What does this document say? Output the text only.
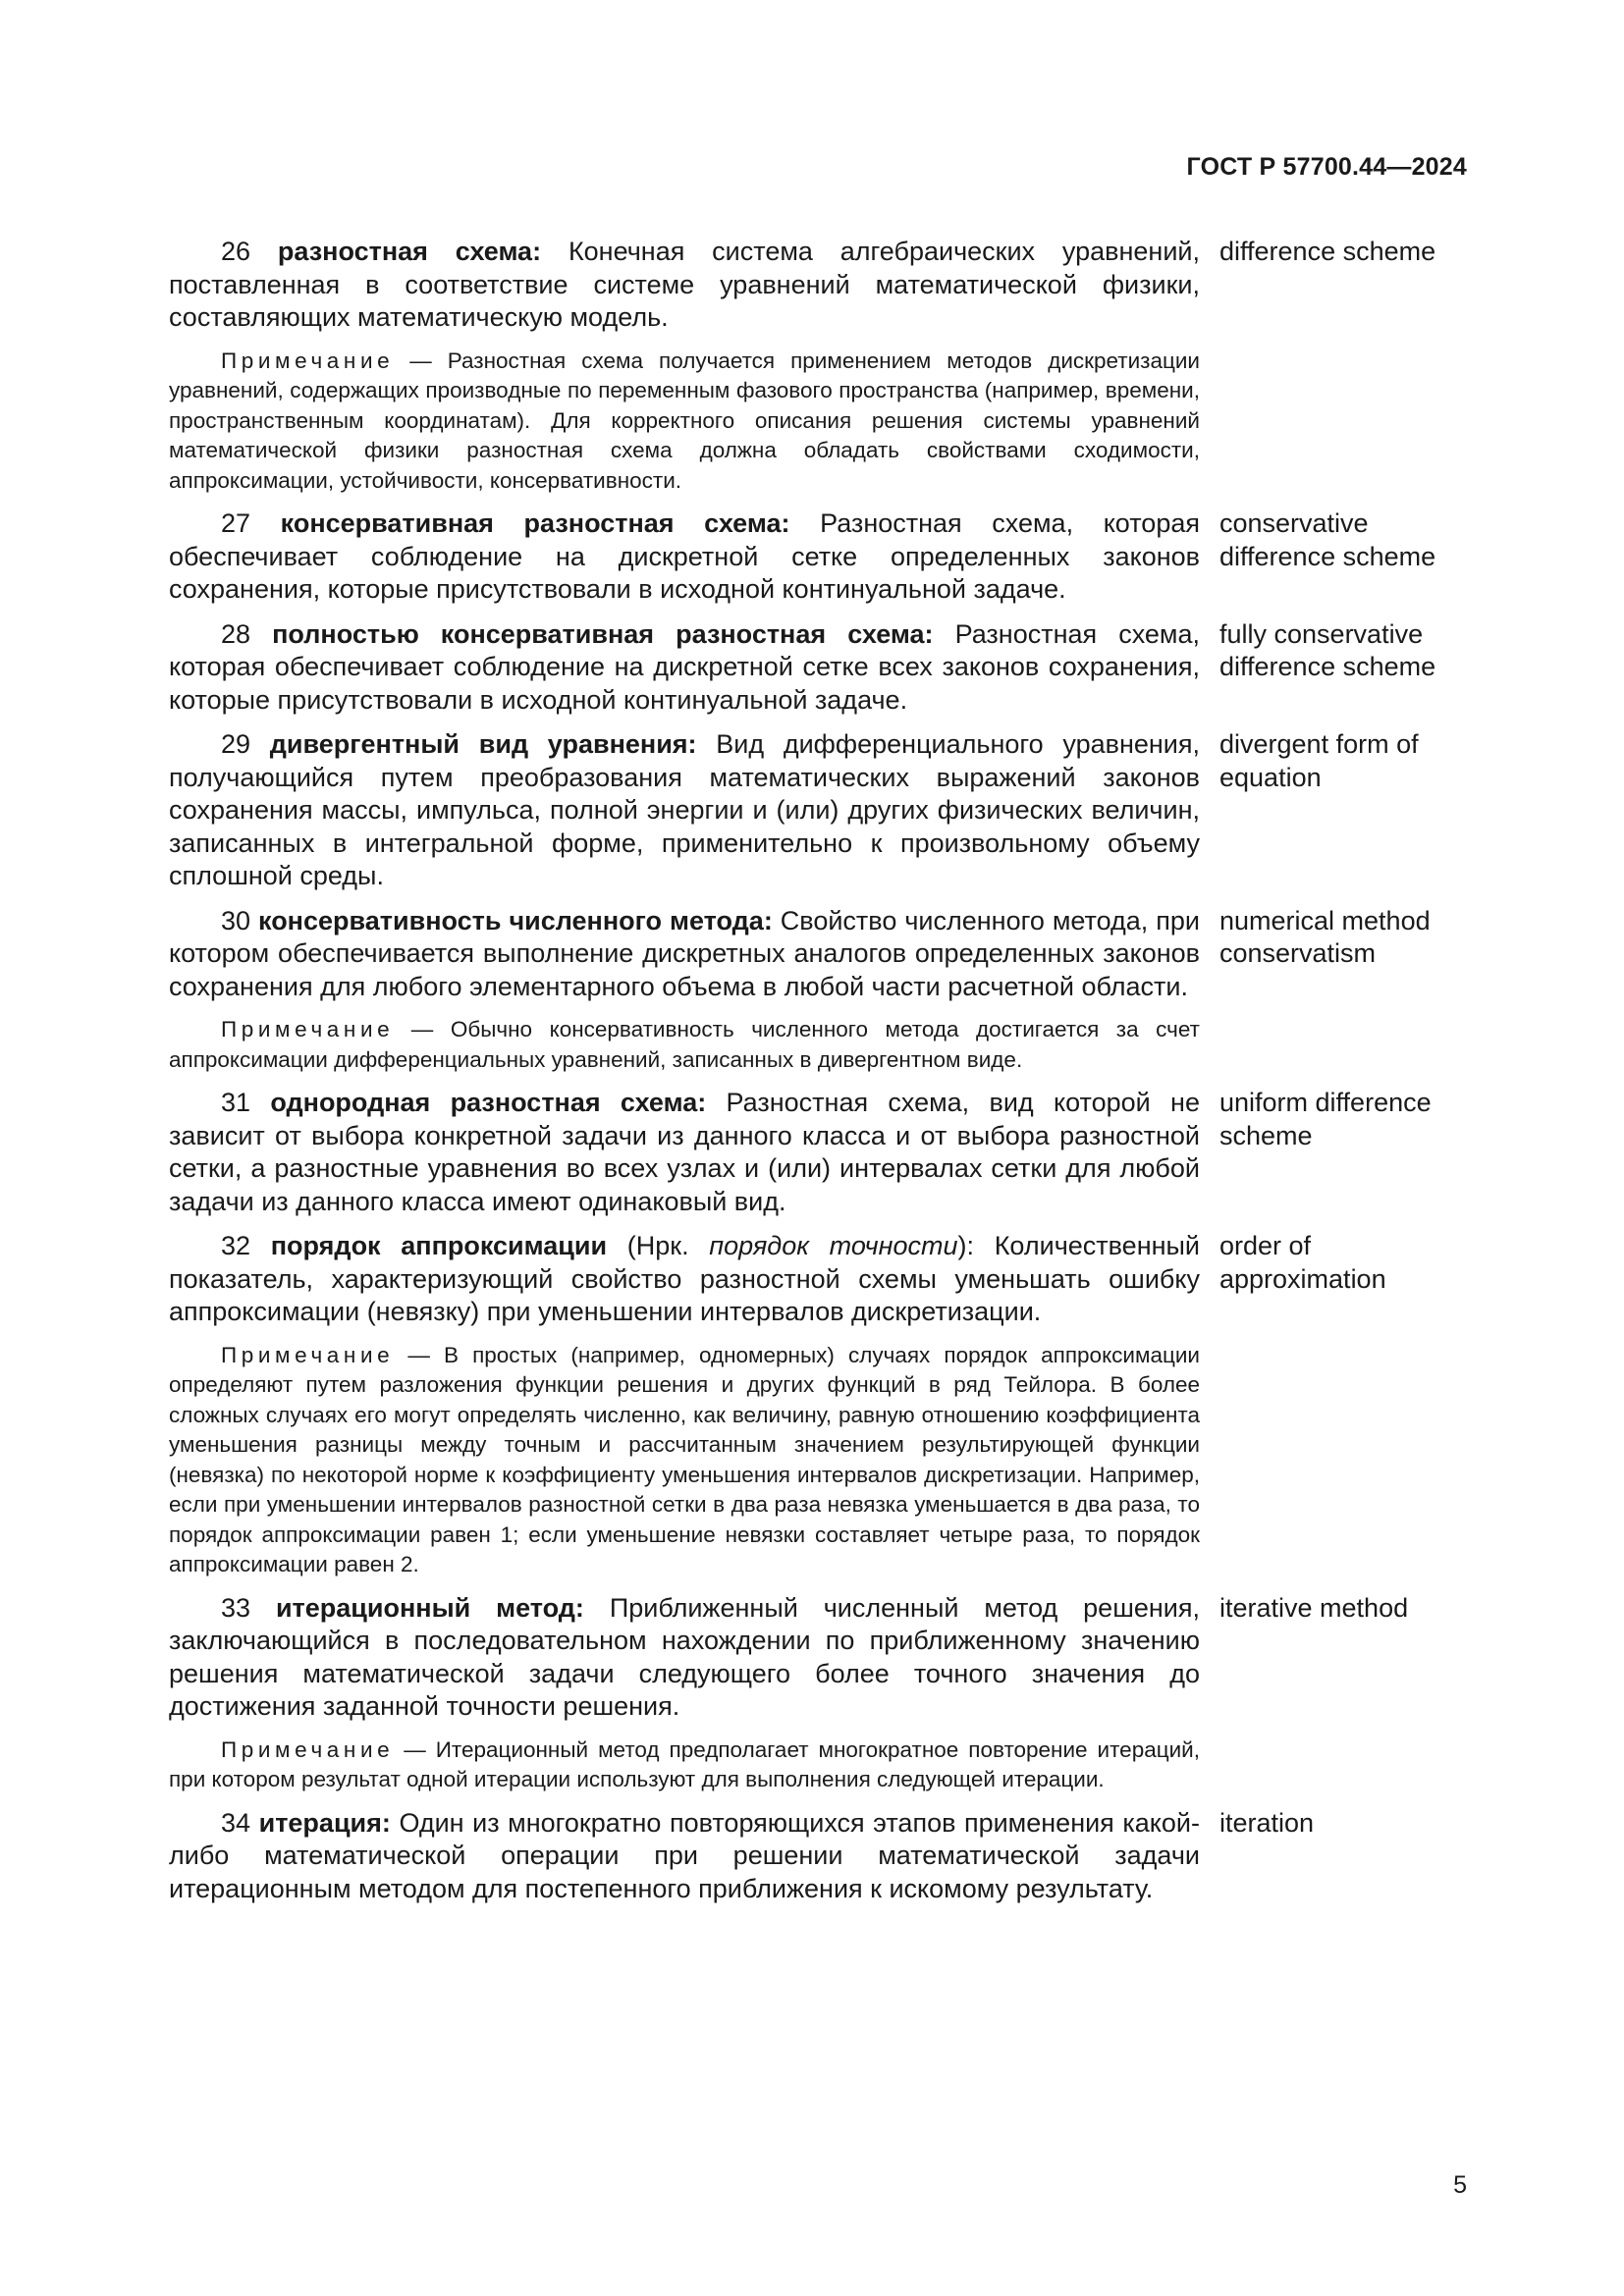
ГОСТ Р 57700.44—2024
26 разностная схема: Конечная система алгебраических уравнений, поставленная в соответствие системе уравнений математической физики, составляющих математическую модель.
difference scheme
Примечание — Разностная схема получается применением методов дискретизации уравнений, содержащих производные по переменным фазового пространства (например, времени, пространственным координатам). Для корректного описания решения системы уравнений математической физики разностная схема должна обладать свойствами сходимости, аппроксимации, устойчивости, консервативности.
27 консервативная разностная схема: Разностная схема, которая обеспечивает соблюдение на дискретной сетке определенных законов сохранения, которые присутствовали в исходной континуальной задаче.
conservative
difference scheme
28 полностью консервативная разностная схема: Разностная схема, которая обеспечивает соблюдение на дискретной сетке всех законов сохранения, которые присутствовали в исходной континуальной задаче.
fully conservative
difference scheme
29 дивергентный вид уравнения: Вид дифференциального уравнения, получающийся путем преобразования математических выражений законов сохранения массы, импульса, полной энергии и (или) других физических величин, записанных в интегральной форме, применительно к произвольному объему сплошной среды.
divergent form of
equation
30 консервативность численного метода: Свойство численного метода, при котором обеспечивается выполнение дискретных аналогов определенных законов сохранения для любого элементарного объема в любой части расчетной области.
numerical method
conservatism
Примечание — Обычно консервативность численного метода достигается за счет аппроксимации дифференциальных уравнений, записанных в дивергентном виде.
31 однородная разностная схема: Разностная схема, вид которой не зависит от выбора конкретной задачи из данного класса и от выбора разностной сетки, а разностные уравнения во всех узлах и (или) интервалах сетки для любой задачи из данного класса имеют одинаковый вид.
uniform difference
scheme
32 порядок аппроксимации (Нрк. порядок точности): Количественный показатель, характеризующий свойство разностной схемы уменьшать ошибку аппроксимации (невязку) при уменьшении интервалов дискретизации.
order of
approximation
Примечание — В простых (например, одномерных) случаях порядок аппроксимации определяют путем разложения функции решения и других функций в ряд Тейлора. В более сложных случаях его могут определять численно, как величину, равную отношению коэффициента уменьшения разницы между точным и рассчитанным значением результирующей функции (невязка) по некоторой норме к коэффициенту уменьшения интервалов дискретизации. Например, если при уменьшении интервалов разностной сетки в два раза невязка уменьшается в два раза, то порядок аппроксимации равен 1; если уменьшение невязки составляет четыре раза, то порядок аппроксимации равен 2.
33 итерационный метод: Приближенный численный метод решения, заключающийся в последовательном нахождении по приближенному значению решения математической задачи следующего более точного значения до достижения заданной точности решения.
iterative method
Примечание — Итерационный метод предполагает многократное повторение итераций, при котором результат одной итерации используют для выполнения следующей итерации.
34 итерация: Один из многократно повторяющихся этапов применения какой-либо математической операции при решении математической задачи итерационным методом для постепенного приближения к искомому результату.
iteration
5
